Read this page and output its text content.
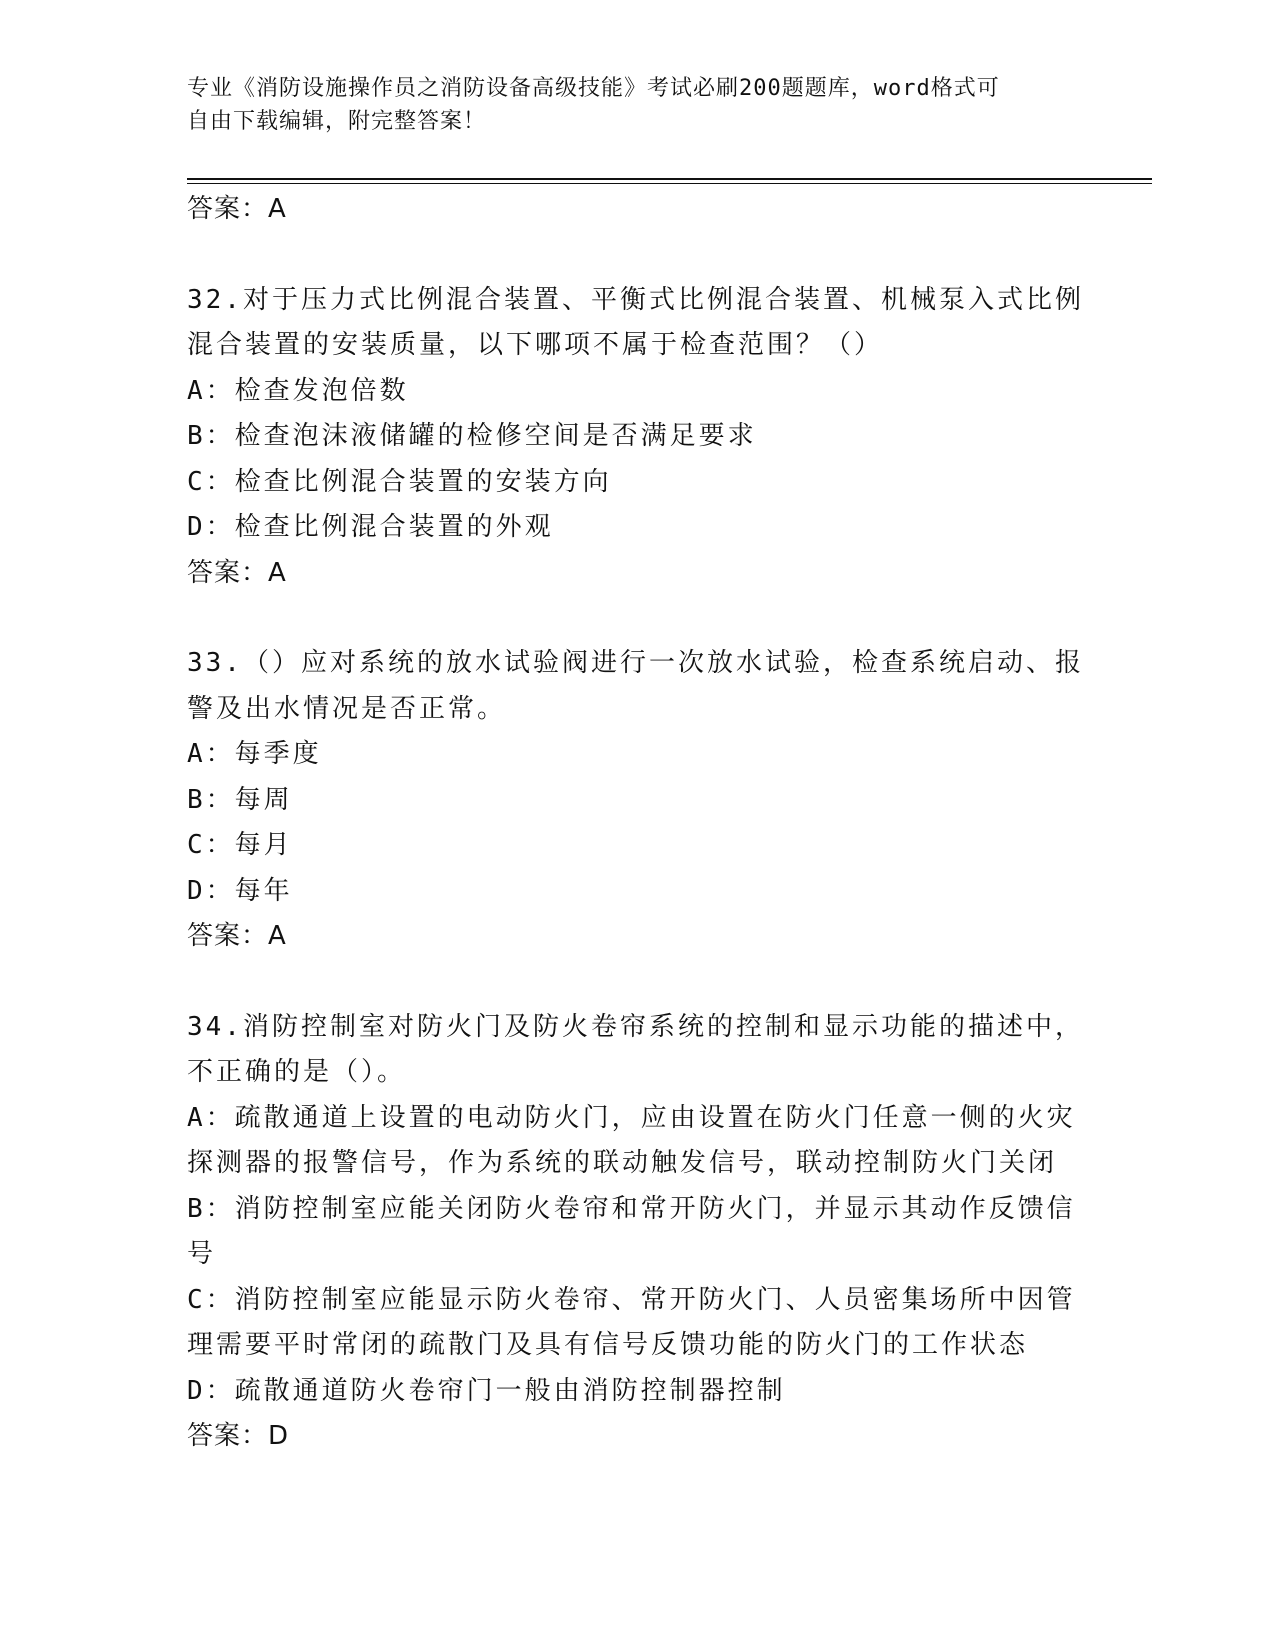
专业《消防设施操作员之消防设备高级技能》考试必刷200题题库，word格式可
自由下载编辑，附完整答案！

答案：A

32.对于压力式比例混合装置、平衡式比例混合装置、机械泵入式比例

混合装置的安装质量，以下哪项不属于检查范围？（）

A：检查发泡倍数

B：检查泡沫液储罐的检修空间是否满足要求

C：检查比例混合装置的安装方向

D：检查比例混合装置的外观

答案：A

33.（）应对系统的放水试验阀进行一次放水试验，检查系统启动、报

警及出水情况是否正常。

A：每季度

B：每周

C：每月

D：每年

答案：A

34.消防控制室对防火门及防火卷帘系统的控制和显示功能的描述中，

不正确的是（）。

A：疏散通道上设置的电动防火门，应由设置在防火门任意一侧的火灾

探测器的报警信号，作为系统的联动触发信号，联动控制防火门关闭

B：消防控制室应能关闭防火卷帘和常开防火门，并显示其动作反馈信

号

C：消防控制室应能显示防火卷帘、常开防火门、人员密集场所中因管

理需要平时常闭的疏散门及具有信号反馈功能的防火门的工作状态

D：疏散通道防火卷帘门一般由消防控制器控制

答案：D
